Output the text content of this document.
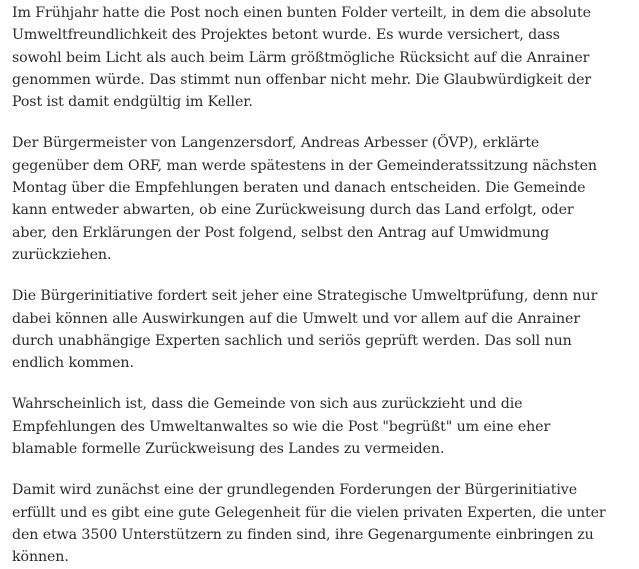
Im Frühjahr hatte die Post noch einen bunten Folder verteilt, in dem die absolute Umweltfreundlichkeit des Projektes betont wurde. Es wurde versichert, dass sowohl beim Licht als auch beim Lärm größtmögliche Rücksicht auf die Anrainer genommen würde. Das stimmt nun offenbar nicht mehr. Die Glaubwürdigkeit der Post ist damit endgültig im Keller.

Der Bürgermeister von Langenzersdorf, Andreas Arbesser (ÖVP), erklärte gegenüber dem ORF, man werde spätestens in der Gemeinderatssitzung nächsten Montag über die Empfehlungen beraten und danach entscheiden. Die Gemeinde kann entweder abwarten, ob eine Zurückweisung durch das Land erfolgt, oder aber, den Erklärungen der Post folgend, selbst den Antrag auf Umwidmung zurückziehen.

Die Bürgerinitiative fordert seit jeher eine Strategische Umweltprüfung, denn nur dabei können alle Auswirkungen auf die Umwelt und vor allem auf die Anrainer durch unabhängige Experten sachlich und seriös geprüft werden. Das soll nun endlich kommen.

Wahrscheinlich ist, dass die Gemeinde von sich aus zurückzieht und die Empfehlungen des Umweltanwaltes so wie die Post "begrüßt" um eine eher blamable formelle Zurückweisung des Landes zu vermeiden.

Damit wird zunächst eine der grundlegenden Forderungen der Bürgerinitiative erfüllt und es gibt eine gute Gelegenheit für die vielen privaten Experten, die unter den etwa 3500 Unterstützern zu finden sind, ihre Gegenargumente einbringen zu können.
